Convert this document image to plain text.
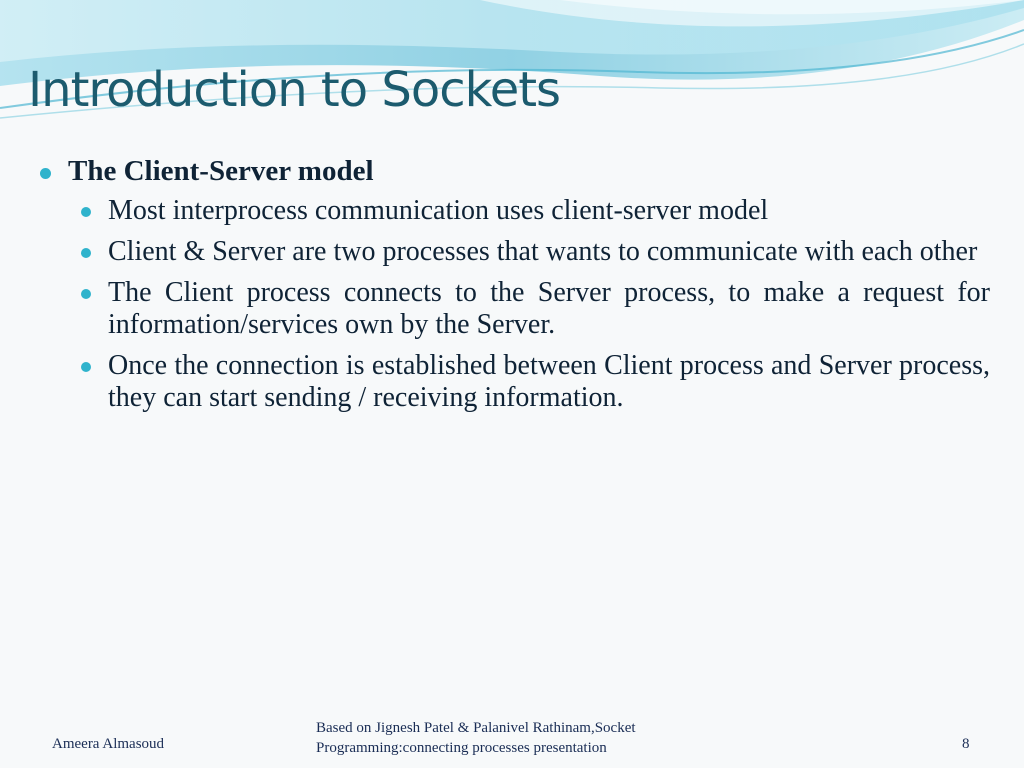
Introduction to Sockets
The Client-Server model
Most interprocess communication uses client-server model
Client & Server are two processes that wants to communicate with each other
The Client process connects to the Server process, to make a request for information/services own by the Server.
Once the connection is established between Client process and Server process, they can start sending / receiving information.
Ameera Almasoud
Based on Jignesh Patel & Palanivel Rathinam,Socket
Programming:connecting processes presentation	8
